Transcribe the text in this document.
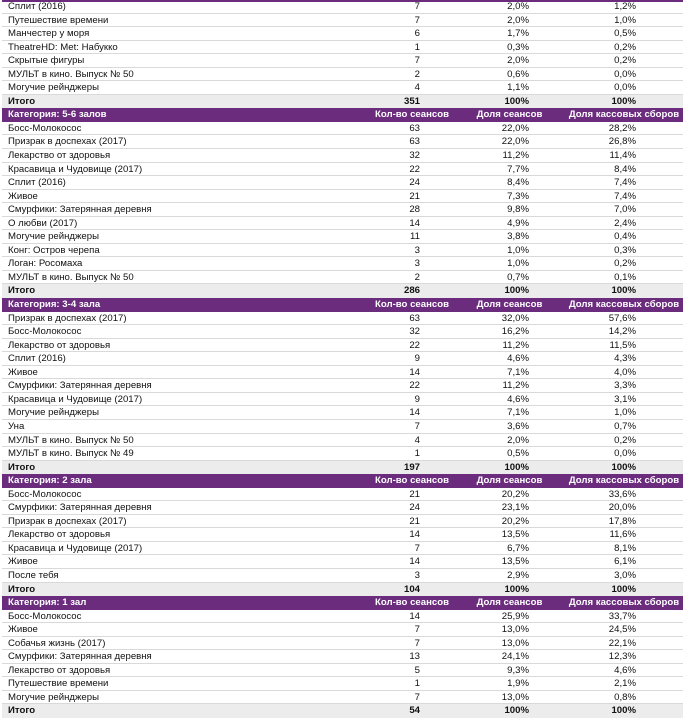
Сплит (2016)	7	2,0%	1,2%
Путешествие времени	7	2,0%	1,0%
Манчестер у моря	6	1,7%	0,5%
TheatreHD: Met: Набукко	1	0,3%	0,2%
Скрытые фигуры	7	2,0%	0,2%
МУЛЬТ в кино. Выпуск № 50	2	0,6%	0,0%
Могучие рейнджеры	4	1,1%	0,0%
Итого	351	100%	100%
Категория: 5-6 залов	Кол-во сеансов	Доля сеансов	Доля кассовых сборов
Босс-Молокосос	63	22,0%	28,2%
Призрак в доспехах (2017)	63	22,0%	26,8%
Лекарство от здоровья	32	11,2%	11,4%
Красавица и Чудовище (2017)	22	7,7%	8,4%
Сплит (2016)	24	8,4%	7,4%
Живое	21	7,3%	7,4%
Смурфики: Затерянная деревня	28	9,8%	7,0%
О любви (2017)	14	4,9%	2,4%
Могучие рейнджеры	11	3,8%	0,4%
Конг: Остров черепа	3	1,0%	0,3%
Логан: Росомаха	3	1,0%	0,2%
МУЛЬТ в кино. Выпуск № 50	2	0,7%	0,1%
Итого	286	100%	100%
Категория: 3-4 зала	Кол-во сеансов	Доля сеансов	Доля кассовых сборов
Призрак в доспехах (2017)	63	32,0%	57,6%
Босс-Молокосос	32	16,2%	14,2%
Лекарство от здоровья	22	11,2%	11,5%
Сплит (2016)	9	4,6%	4,3%
Живое	14	7,1%	4,0%
Смурфики: Затерянная деревня	22	11,2%	3,3%
Красавица и Чудовище (2017)	9	4,6%	3,1%
Могучие рейнджеры	14	7,1%	1,0%
Уна	7	3,6%	0,7%
МУЛЬТ в кино. Выпуск № 50	4	2,0%	0,2%
МУЛЬТ в кино. Выпуск № 49	1	0,5%	0,0%
Итого	197	100%	100%
Категория: 2 зала	Кол-во сеансов	Доля сеансов	Доля кассовых сборов
Босс-Молокосос	21	20,2%	33,6%
Смурфики: Затерянная деревня	24	23,1%	20,0%
Призрак в доспехах (2017)	21	20,2%	17,8%
Лекарство от здоровья	14	13,5%	11,6%
Красавица и Чудовище (2017)	7	6,7%	8,1%
Живое	14	13,5%	6,1%
После тебя	3	2,9%	3,0%
Итого	104	100%	100%
Категория: 1 зал	Кол-во сеансов	Доля сеансов	Доля кассовых сборов
Босс-Молокосос	14	25,9%	33,7%
Живое	7	13,0%	24,5%
Собачья жизнь (2017)	7	13,0%	22,1%
Смурфики: Затерянная деревня	13	24,1%	12,3%
Лекарство от здоровья	5	9,3%	4,6%
Путешествие времени	1	1,9%	2,1%
Могучие рейнджеры	7	13,0%	0,8%
Итого	54	100%	100%
